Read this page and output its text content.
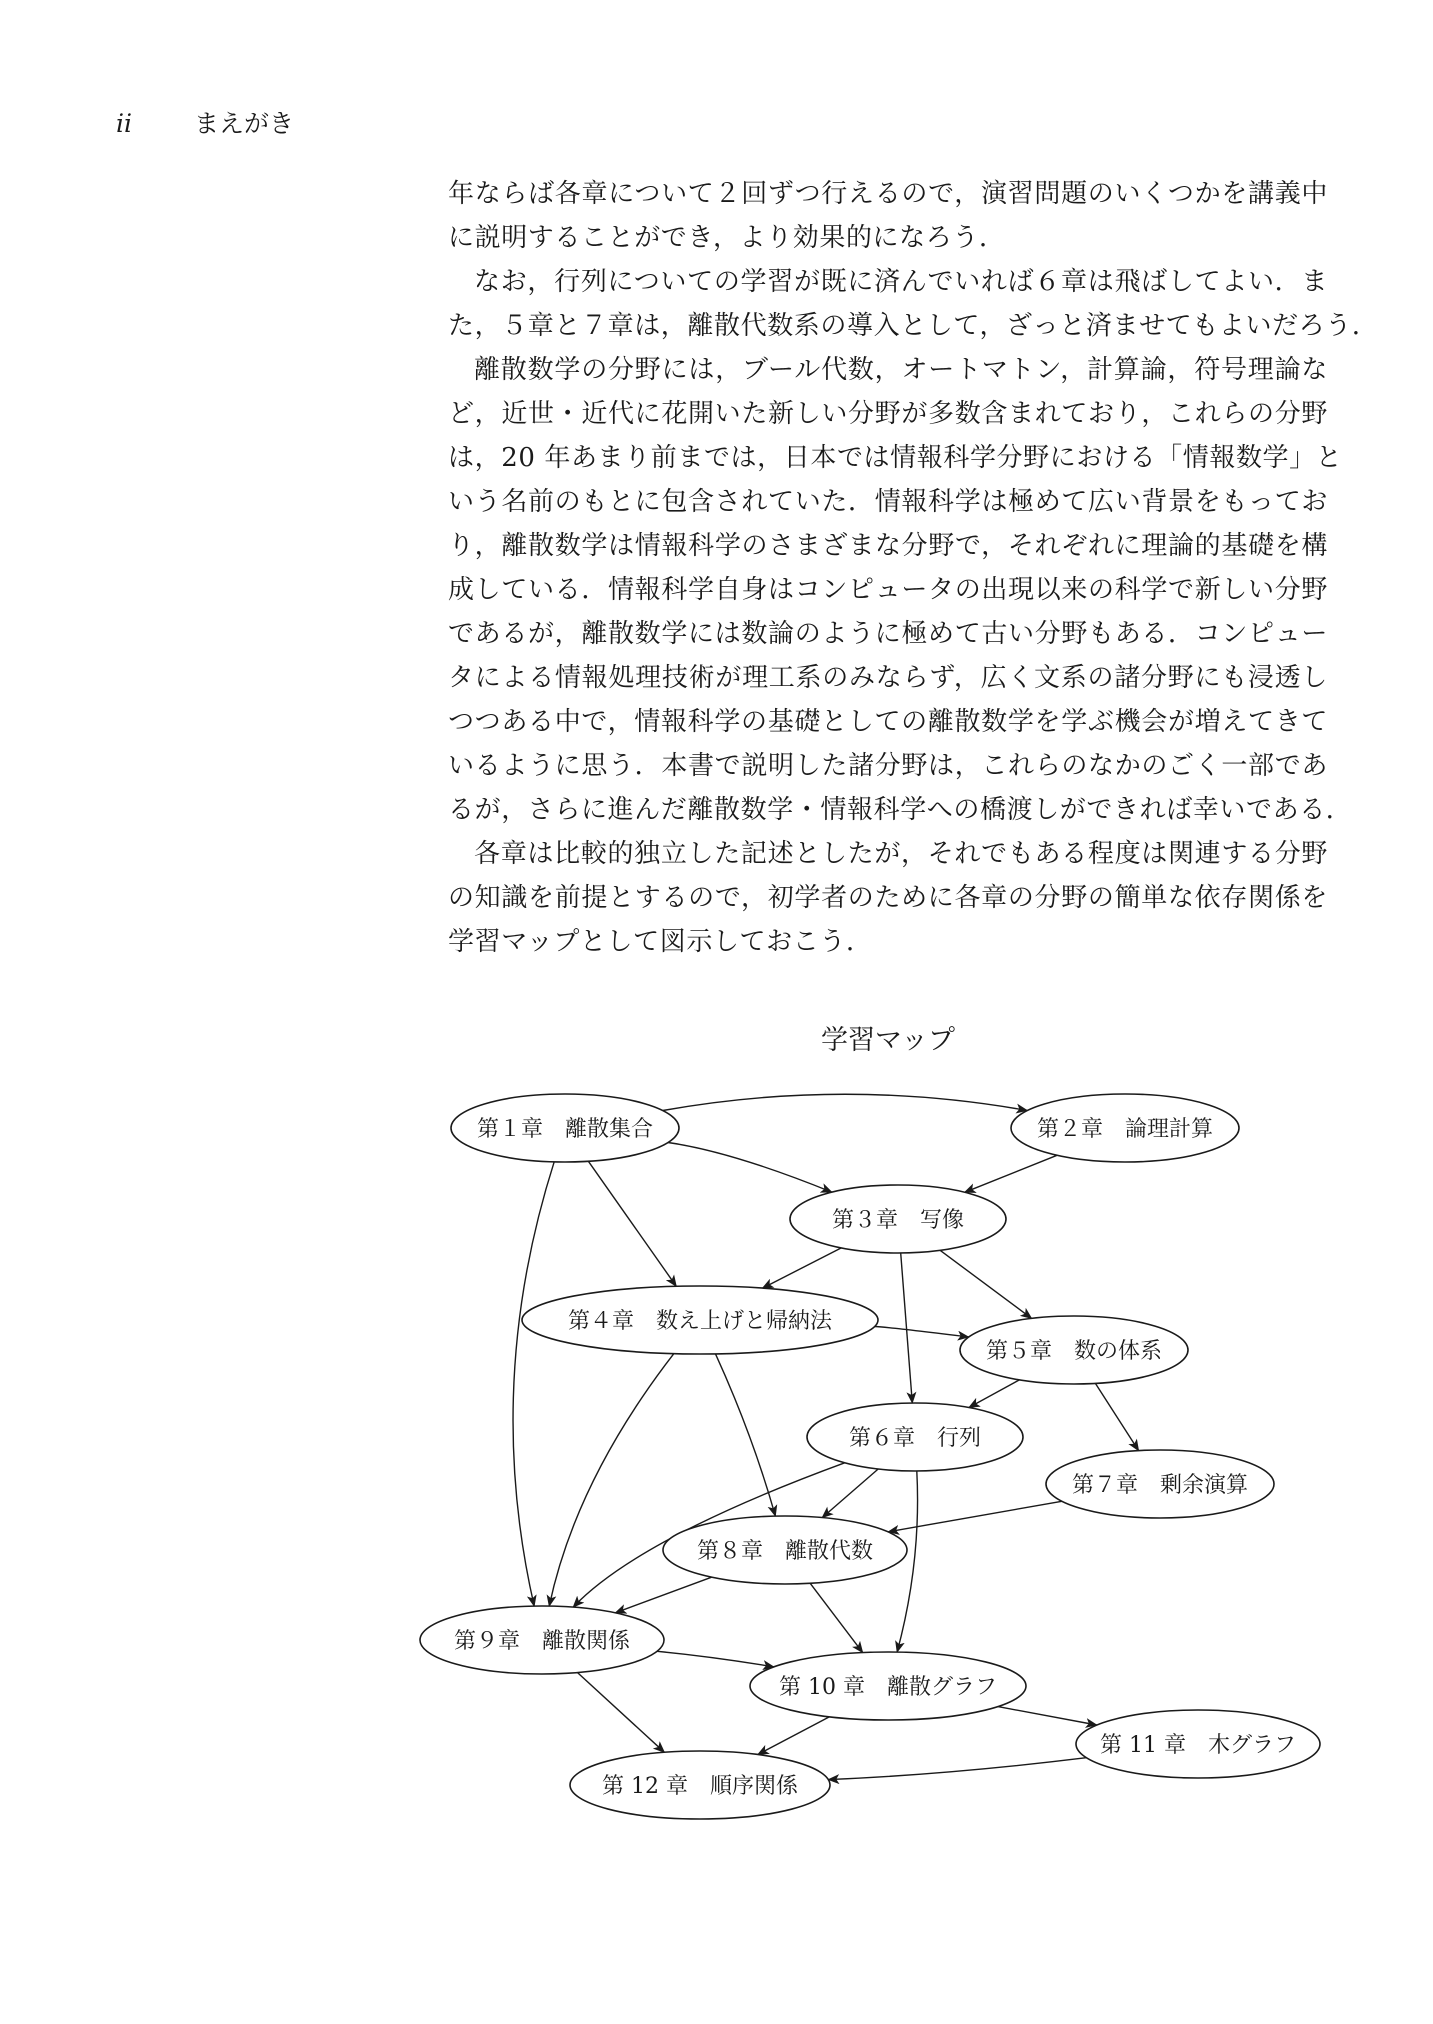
ii まえがき
年ならば各章について２回ずつ行えるので，演習問題のいくつかを講義中
に説明することができ，より効果的になろう．
なお，行列についての学習が既に済んでいれば６章は飛ばしてよい．ま
た，５章と７章は，離散代数系の導入として，ざっと済ませてもよいだろう．
離散数学の分野には，ブール代数，オートマトン，計算論，符号理論な
ど，近世・近代に花開いた新しい分野が多数含まれており，これらの分野
は，20 年あまり前までは，日本では情報科学分野における「情報数学」と
いう名前のもとに包含されていた．情報科学は極めて広い背景をもってお
り，離散数学は情報科学のさまざまな分野で，それぞれに理論的基礎を構
成している．情報科学自身はコンピュータの出現以来の科学で新しい分野
であるが，離散数学には数論のように極めて古い分野もある．コンピュー
タによる情報処理技術が理工系のみならず，広く文系の諸分野にも浸透し
つつある中で，情報科学の基礎としての離散数学を学ぶ機会が増えてきて
いるように思う．本書で説明した諸分野は，これらのなかのごく一部であ
るが，さらに進んだ離散数学・情報科学への橋渡しができれば幸いである．
各章は比較的独立した記述としたが，それでもある程度は関連する分野
の知識を前提とするので，初学者のために各章の分野の簡単な依存関係を
学習マップとして図示しておこう．
学習マップ
第１章　離散集合	第２章　論理計算
第３章　写像
第４章　数え上げと帰納法
第５章　数の体系
第６章　行列
第７章　剰余演算
第８章　離散代数
第９章　離散関係
第 10 章　離散グラフ
第 11 章　木グラフ
第 12 章　順序関係
